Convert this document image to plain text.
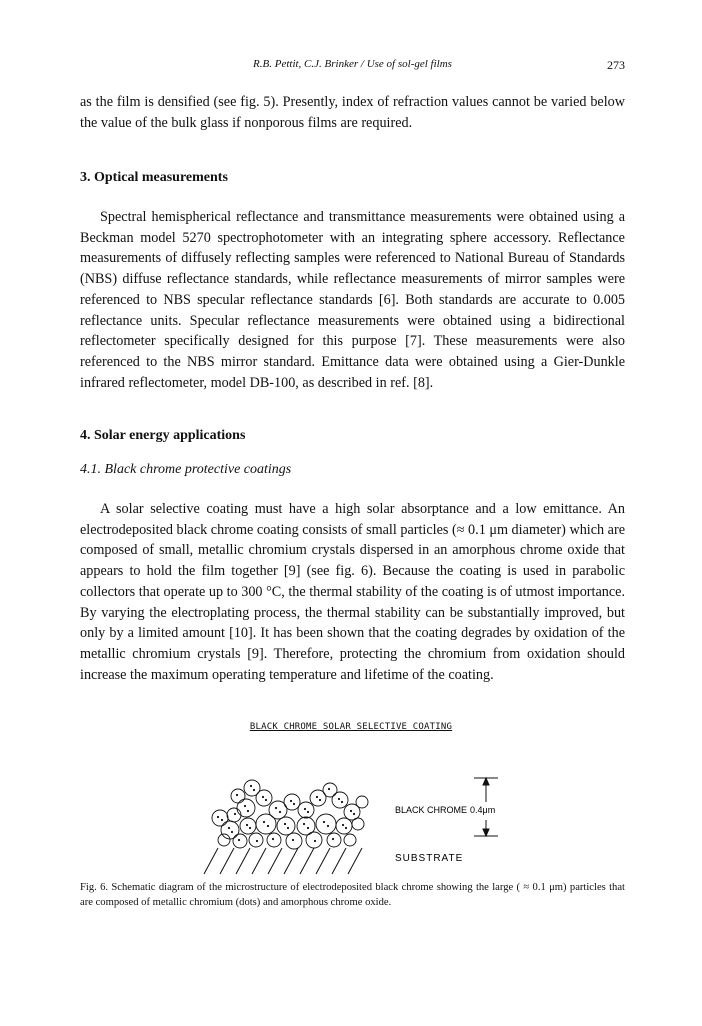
R.B. Pettit, C.J. Brinker / Use of sol-gel films	273

as the film is densified (see fig. 5). Presently, index of refraction values cannot be varied below the value of the bulk glass if nonporous films are required.

3. Optical measurements

Spectral hemispherical reflectance and transmittance measurements were obtained using a Beckman model 5270 spectrophotometer with an integrating sphere accessory. Reflectance measurements of diffusely reflecting samples were referenced to National Bureau of Standards (NBS) diffuse reflectance standards, while reflectance measurements of mirror samples were referenced to NBS specular reflectance standards [6]. Both standards are accurate to 0.005 reflectance units. Specular reflectance measurements were obtained using a bidirectional reflectometer specifically designed for this purpose [7]. These measurements were also referenced to the NBS mirror standard. Emittance data were obtained using a Gier-Dunkle infrared reflectometer, model DB-100, as described in ref. [8].

4. Solar energy applications
4.1. Black chrome protective coatings

A solar selective coating must have a high solar absorptance and a low emittance. An electrodeposited black chrome coating consists of small particles (≈ 0.1 μm diameter) which are composed of small, metallic chromium crystals dispersed in an amorphous chrome oxide that appears to hold the film together [9] (see fig. 6). Because the coating is used in parabolic collectors that operate up to 300 °C, the thermal stability of the coating is of utmost importance. By varying the electroplating process, the thermal stability can be substantially improved, but only by a limited amount [10]. It has been shown that the coating degrades by oxidation of the metallic chromium crystals [9]. Therefore, protecting the chromium from oxidation should increase the maximum operating temperature and lifetime of the coating.

BLACK CHROME SOLAR SELECTIVE COATING
BLACK CHROME 0.4μm
SUBSTRATE
Fig. 6. Schematic diagram of the microstructure of electrodeposited black chrome showing the large ( ≈ 0.1 μm) particles that are composed of metallic chromium (dots) and amorphous chrome oxide.
